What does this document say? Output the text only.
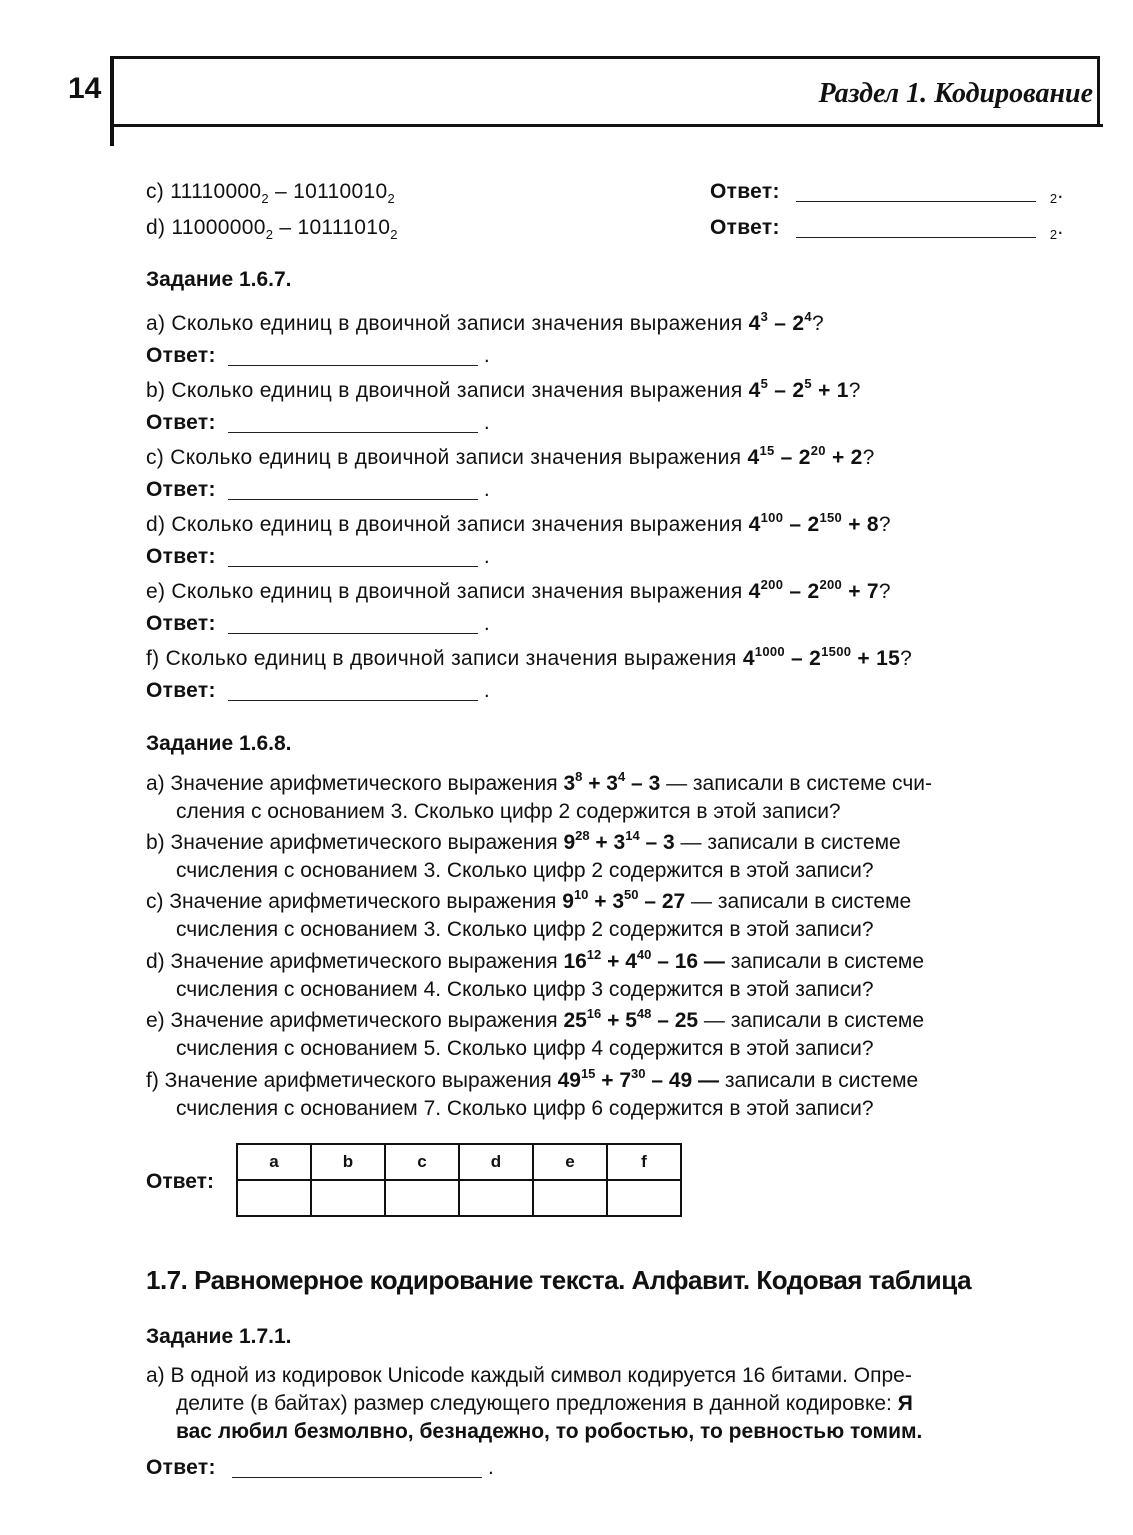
14	Раздел 1. Кодирование
c) $11110000_2 - 10110010_2$	Ответ:	$_2$.
d) $11000000_2 - 10111010_2$	Ответ:	$_2$.
Задание 1.6.7.
a) Сколько единиц в двоичной записи значения выражения $4^3 - 2^4$?
Ответ:	.
b) Сколько единиц в двоичной записи значения выражения $4^5 - 2^5 + 1$?
Ответ:	.
c) Сколько единиц в двоичной записи значения выражения $4^{15} - 2^{20} + 2$?
Ответ:	.
d) Сколько единиц в двоичной записи значения выражения $4^{100} - 2^{150} + 8$?
Ответ:	.
e) Сколько единиц в двоичной записи значения выражения $4^{200} - 2^{200} + 7$?
Ответ:	.
f) Сколько единиц в двоичной записи значения выражения $4^{1000} - 2^{1500} + 15$?
Ответ:	.
Задание 1.6.8.
a) Значение арифметического выражения $3^8 + 3^4 - 3$ — записали в системе счи-
сления с основанием 3. Сколько цифр 2 содержится в этой записи?
b) Значение арифметического выражения $9^{28} + 3^{14} - 3$ — записали в системе
счисления с основанием 3. Сколько цифр 2 содержится в этой записи?
c) Значение арифметического выражения $9^{10} + 3^{50} - 27$ — записали в системе
счисления с основанием 3. Сколько цифр 2 содержится в этой записи?
d) Значение арифметического выражения $16^{12} + 4^{40} - 16$ — записали в системе
счисления с основанием 4. Сколько цифр 3 содержится в этой записи?
e) Значение арифметического выражения $25^{16} + 5^{48} - 25$ — записали в системе
счисления с основанием 5. Сколько цифр 4 содержится в этой записи?
f) Значение арифметического выражения $49^{15} + 7^{30} - 49$ — записали в системе
счисления с основанием 7. Сколько цифр 6 содержится в этой записи?
Ответ:
a	b	c	d	e	f

1.7. Равномерное кодирование текста. Алфавит. Кодовая таблица
Задание 1.7.1.
a) В одной из кодировок Unicode каждый символ кодируется 16 битами. Опре-
делите (в байтах) размер следующего предложения в данной кодировке: Я
вас любил безмолвно, безнадежно, то робостью, то ревностью томим.
Ответ:	.
